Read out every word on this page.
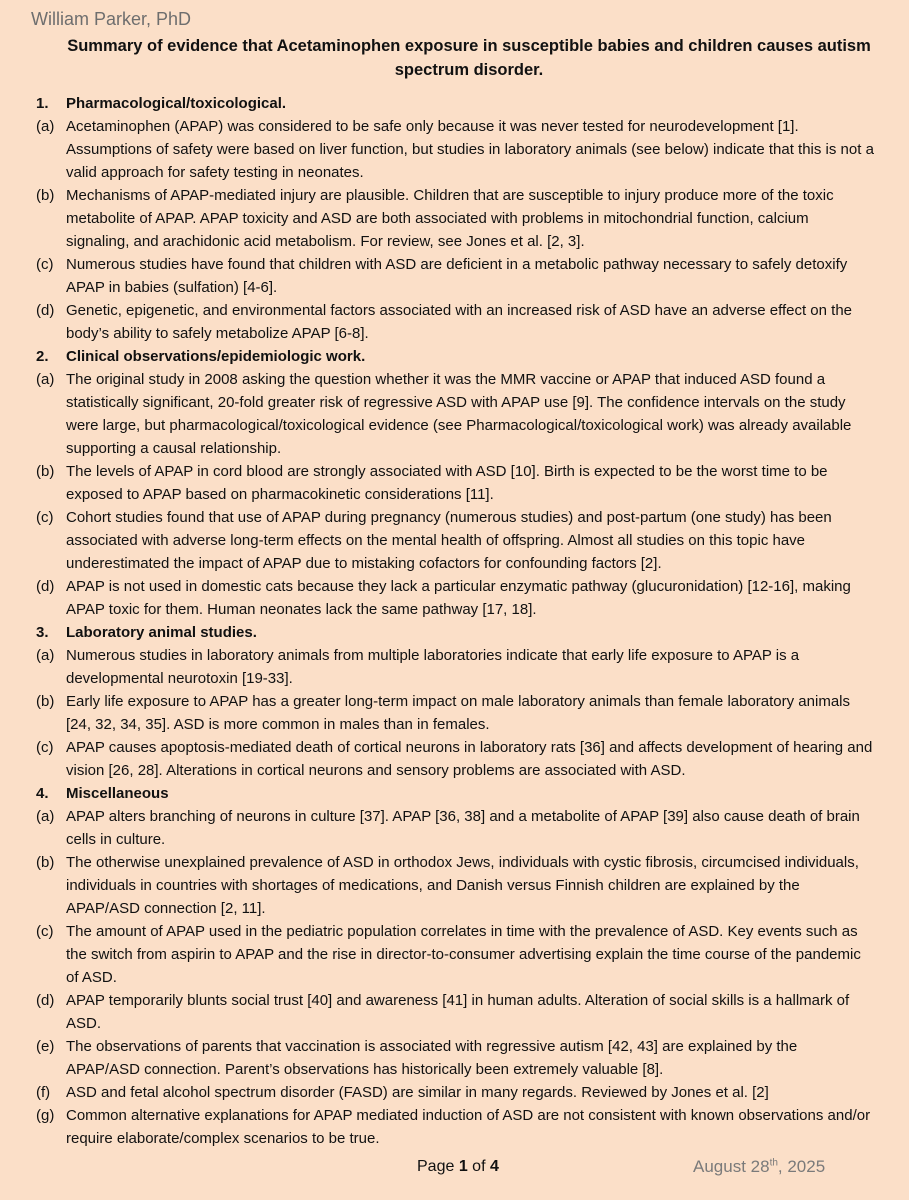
William Parker, PhD
Summary of evidence that Acetaminophen exposure in susceptible babies and children causes autism spectrum disorder.
1.	Pharmacological/toxicological.
(a) Acetaminophen (APAP) was considered to be safe only because it was never tested for neurodevelopment [1]. Assumptions of safety were based on liver function, but studies in laboratory animals (see below) indicate that this is not a valid approach for safety testing in neonates.
(b) Mechanisms of APAP-mediated injury are plausible. Children that are susceptible to injury produce more of the toxic metabolite of APAP. APAP toxicity and ASD are both associated with problems in mitochondrial function, calcium signaling, and arachidonic acid metabolism. For review, see Jones et al. [2, 3].
(c) Numerous studies have found that children with ASD are deficient in a metabolic pathway necessary to safely detoxify APAP in babies (sulfation) [4-6].
(d) Genetic, epigenetic, and environmental factors associated with an increased risk of ASD have an adverse effect on the body’s ability to safely metabolize APAP [6-8].
2.	Clinical observations/epidemiologic work.
(a) The original study in 2008 asking the question whether it was the MMR vaccine or APAP that induced ASD found a statistically significant, 20-fold greater risk of regressive ASD with APAP use [9]. The confidence intervals on the study were large, but pharmacological/toxicological evidence (see Pharmacological/toxicological work) was already available supporting a causal relationship.
(b) The levels of APAP in cord blood are strongly associated with ASD [10]. Birth is expected to be the worst time to be exposed to APAP based on pharmacokinetic considerations [11].
(c) Cohort studies found that use of APAP during pregnancy (numerous studies) and post-partum (one study) has been associated with adverse long-term effects on the mental health of offspring. Almost all studies on this topic have underestimated the impact of APAP due to mistaking cofactors for confounding factors [2].
(d) APAP is not used in domestic cats because they lack a particular enzymatic pathway (glucuronidation) [12-16], making APAP toxic for them. Human neonates lack the same pathway [17, 18].
3.	Laboratory animal studies.
(a) Numerous studies in laboratory animals from multiple laboratories indicate that early life exposure to APAP is a developmental neurotoxin [19-33].
(b) Early life exposure to APAP has a greater long-term impact on male laboratory animals than female laboratory animals [24, 32, 34, 35]. ASD is more common in males than in females.
(c) APAP causes apoptosis-mediated death of cortical neurons in laboratory rats [36] and affects development of hearing and vision [26, 28]. Alterations in cortical neurons and sensory problems are associated with ASD.
4.	Miscellaneous
(a) APAP alters branching of neurons in culture [37]. APAP [36, 38] and a metabolite of APAP [39] also cause death of brain cells in culture.
(b) The otherwise unexplained prevalence of ASD in orthodox Jews, individuals with cystic fibrosis, circumcised individuals, individuals in countries with shortages of medications, and Danish versus Finnish children are explained by the APAP/ASD connection [2, 11].
(c) The amount of APAP used in the pediatric population correlates in time with the prevalence of ASD. Key events such as the switch from aspirin to APAP and the rise in director-to-consumer advertising explain the time course of the pandemic of ASD.
(d) APAP temporarily blunts social trust [40] and awareness [41] in human adults. Alteration of social skills is a hallmark of ASD.
(e) The observations of parents that vaccination is associated with regressive autism [42, 43] are explained by the APAP/ASD connection. Parent’s observations has historically been extremely valuable [8].
(f)	ASD and fetal alcohol spectrum disorder (FASD) are similar in many regards. Reviewed by Jones et al. [2]
(g) Common alternative explanations for APAP mediated induction of ASD are not consistent with known observations and/or require elaborate/complex scenarios to be true.
Page 1 of 4	August 28th, 2025
